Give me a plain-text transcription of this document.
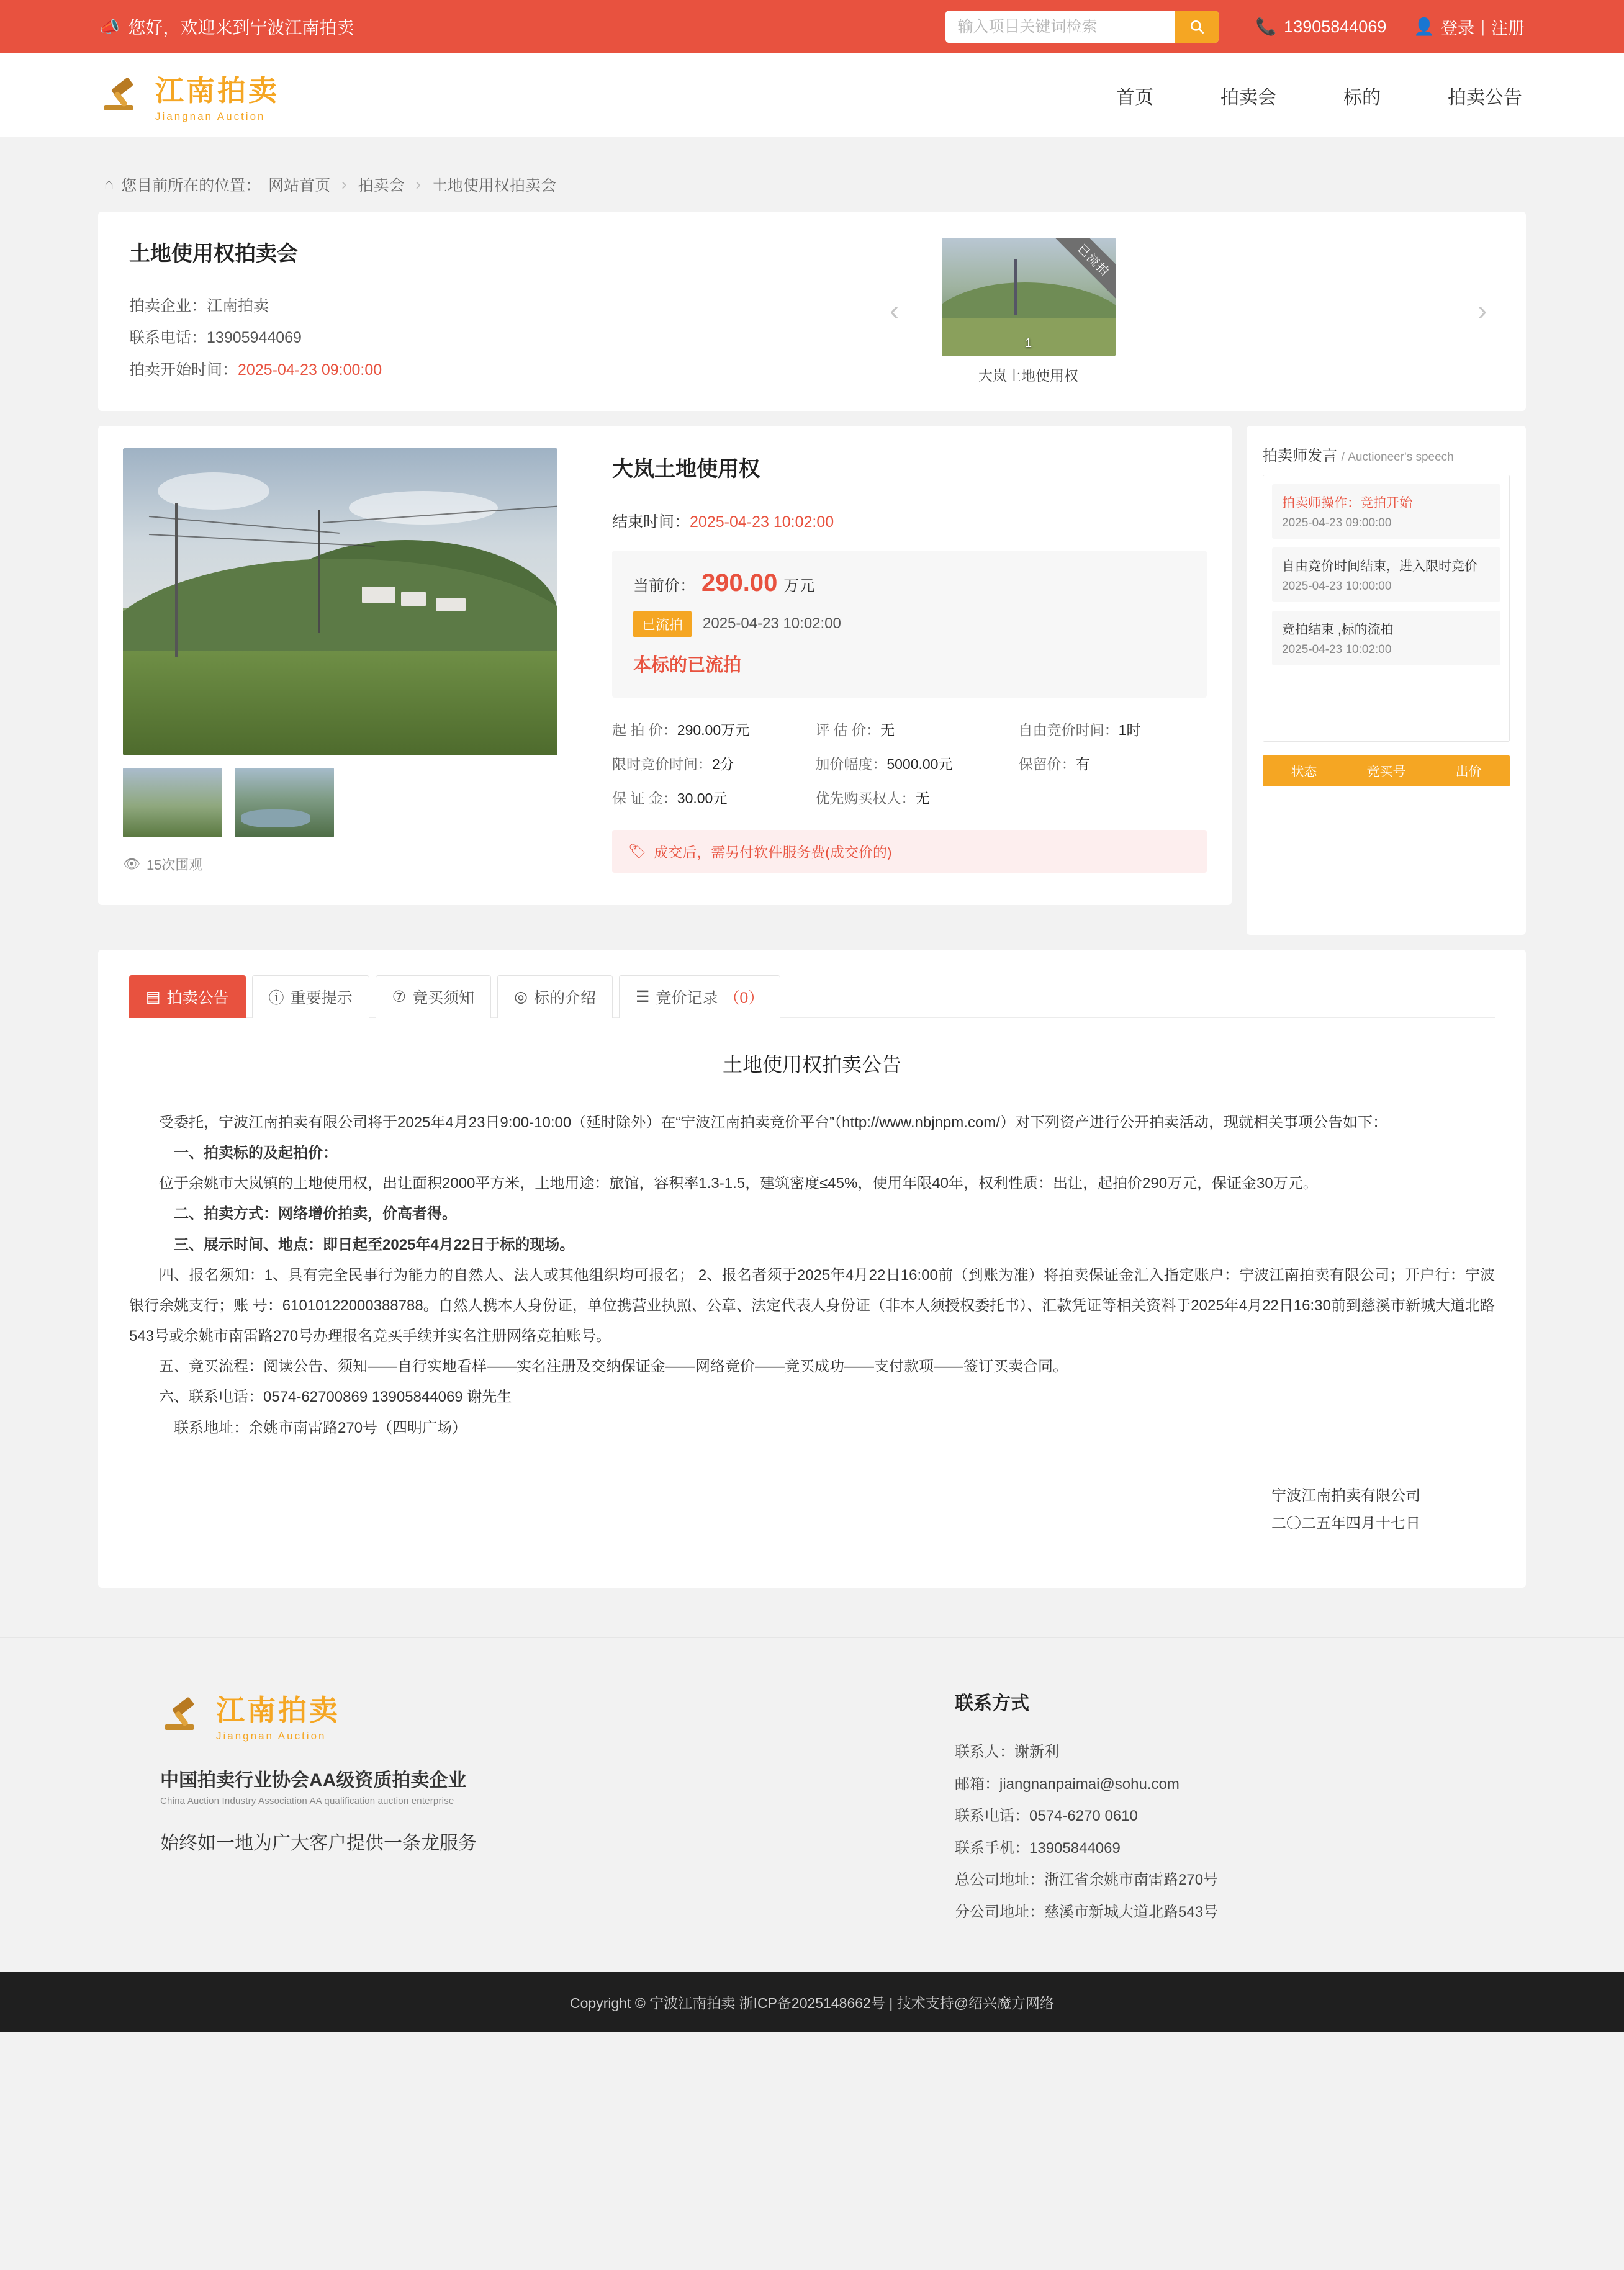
📣 您好，欢迎来到宁波江南拍卖
输入项目关键词检索	📞 13905844069 👤 登录 | 注册
江南拍卖
Jiangnan Auction
首页	拍卖会	标的	拍卖公告
⌂ 您目前所在的位置： 网站首页 › 拍卖会 › 土地使用权拍卖会
土地使用权拍卖会
拍卖企业：江南拍卖
联系电话：13905944069
拍卖开始时间：2025-04-23 09:00:00
‹
已流拍
1
大岚土地使用权
›
👁 15次围观
大岚土地使用权
结束时间：2025-04-23 10:02:00
当前价： 290.00 万元
已流拍	2025-04-23 10:02:00
本标的已流拍
起 拍 价：290.00万元	评 估 价：无	自由竞价时间：1时
限时竞价时间：2分	加价幅度：5000.00元	保留价：有
保 证 金：30.00元	优先购买权人：无
🏷 成交后，需另付软件服务费(成交价的)
拍卖师发言 / Auctioneer's speech
拍卖师操作：竞拍开始
2025-04-23 09:00:00
自由竞价时间结束，进入限时竞价
2025-04-23 10:00:00
竞拍结束 ,标的流拍
2025-04-23 10:02:00
状态	竞买号	出价
▤ 拍卖公告	ⓘ 重要提示	⑦ 竞买须知	◎ 标的介绍	☰ 竞价记录 （0）
土地使用权拍卖公告

受委托，宁波江南拍卖有限公司将于2025年4月23日9:00-10:00（延时除外）在“宁波江南拍卖竞价平台”（http://www.nbjnpm.com/）对下列资产进行公开拍卖活动，现就相关事项公告如下：

一、拍卖标的及起拍价：

位于余姚市大岚镇的土地使用权，出让面积2000平方米，土地用途：旅馆，容积率1.3-1.5，建筑密度≤45%，使用年限40年，权利性质：出让，起拍价290万元，保证金30万元。

二、拍卖方式：网络增价拍卖，价高者得。

三、展示时间、地点：即日起至2025年4月22日于标的现场。

四、报名须知：1、具有完全民事行为能力的自然人、法人或其他组织均可报名； 2、报名者须于2025年4月22日16:00前（到账为准）将拍卖保证金汇入指定账户：宁波江南拍卖有限公司；开户行：宁波银行余姚支行；账 号：61010122000388788。自然人携本人身份证，单位携营业执照、公章、法定代表人身份证（非本人须授权委托书）、汇款凭证等相关资料于2025年4月22日16:30前到慈溪市新城大道北路543号或余姚市南雷路270号办理报名竞买手续并实名注册网络竞拍账号。

五、竞买流程：阅读公告、须知——自行实地看样——实名注册及交纳保证金——网络竞价——竞买成功——支付款项——签订买卖合同。

六、联系电话：0574-62700869 13905844069 谢先生

联系地址：余姚市南雷路270号（四明广场）

宁波江南拍卖有限公司
二〇二五年四月十七日
江南拍卖
Jiangnan Auction
中国拍卖行业协会AA级资质拍卖企业
China Auction Industry Association AA qualification auction enterprise
始终如一地为广大客户提供一条龙服务
联系方式
联系人：谢新利
邮箱：jiangnanpaimai@sohu.com
联系电话：0574-6270 0610
联系手机：13905844069
总公司地址：浙江省余姚市南雷路270号
分公司地址：慈溪市新城大道北路543号
Copyright © 宁波江南拍卖 浙ICP备2025148662号 | 技术支持@绍兴魔方网络
